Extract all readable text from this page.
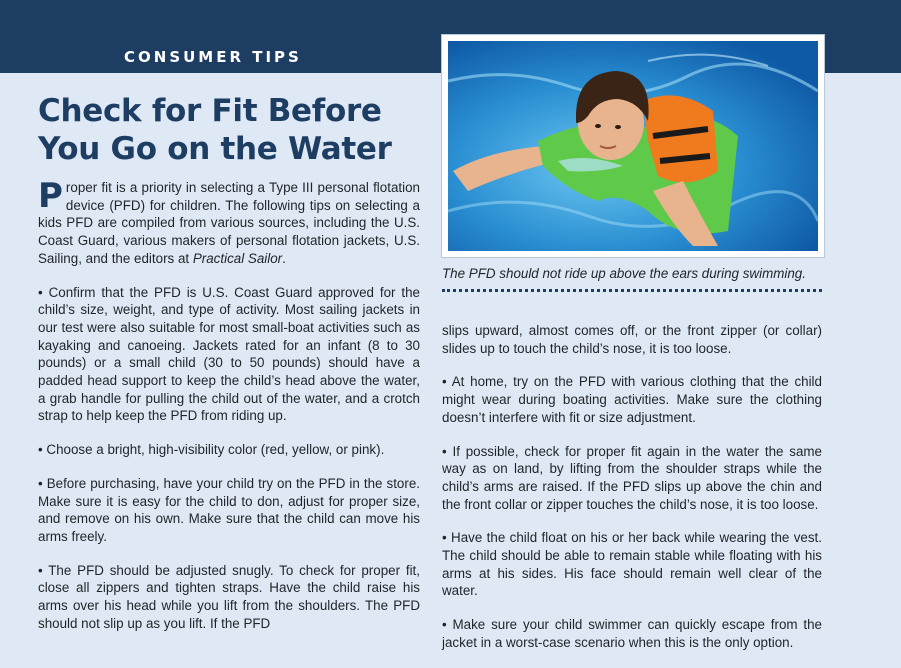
CONSUMER TIPS
Check for Fit Before
You Go on the Water

Proper fit is a priority in selecting a Type III personal flotation device (PFD) for children. The following tips on selecting a kids PFD are compiled from various sources, including the U.S. Coast Guard, various makers of personal flotation jackets, U.S. Sailing, and the editors at Practical Sailor.

• Confirm that the PFD is U.S. Coast Guard approved for the child’s size, weight, and type of activity. Most sailing jackets in our test were also suitable for most small-boat activities such as kayaking and canoeing. Jackets rated for an infant (8 to 30 pounds) or a small child (30 to 50 pounds) should have a padded head support to keep the child’s head above the water, a grab handle for pulling the child out of the water, and a crotch strap to help keep the PFD from riding up.

• Choose a bright, high-visibility color (red, yellow, or pink).

• Before purchasing, have your child try on the PFD in the store. Make sure it is easy for the child to don, adjust for proper size, and remove on his own. Make sure that the child can move his arms freely.

• The PFD should be adjusted snugly. To check for proper fit, close all zippers and tighten straps. Have the child raise his arms over his head while you lift from the shoulders. The PFD should not slip up as you lift. If the PFD

The PFD should not ride up above the ears during swimming.

slips upward, almost comes off, or the front zipper (or collar) slides up to touch the child’s nose, it is too loose.

• At home, try on the PFD with various clothing that the child might wear during boating activities. Make sure the clothing doesn’t interfere with fit or size adjustment.

• If possible, check for proper fit again in the water the same way as on land, by lifting from the shoulder straps while the child’s arms are raised. If the PFD slips up above the chin and the front collar or zipper touches the child’s nose, it is too loose.

• Have the child float on his or her back while wearing the vest. The child should be able to remain stable while floating with his arms at his sides. His face should remain well clear of the water.

• Make sure your child swimmer can quickly escape from the jacket in a worst-case scenario when this is the only option.
